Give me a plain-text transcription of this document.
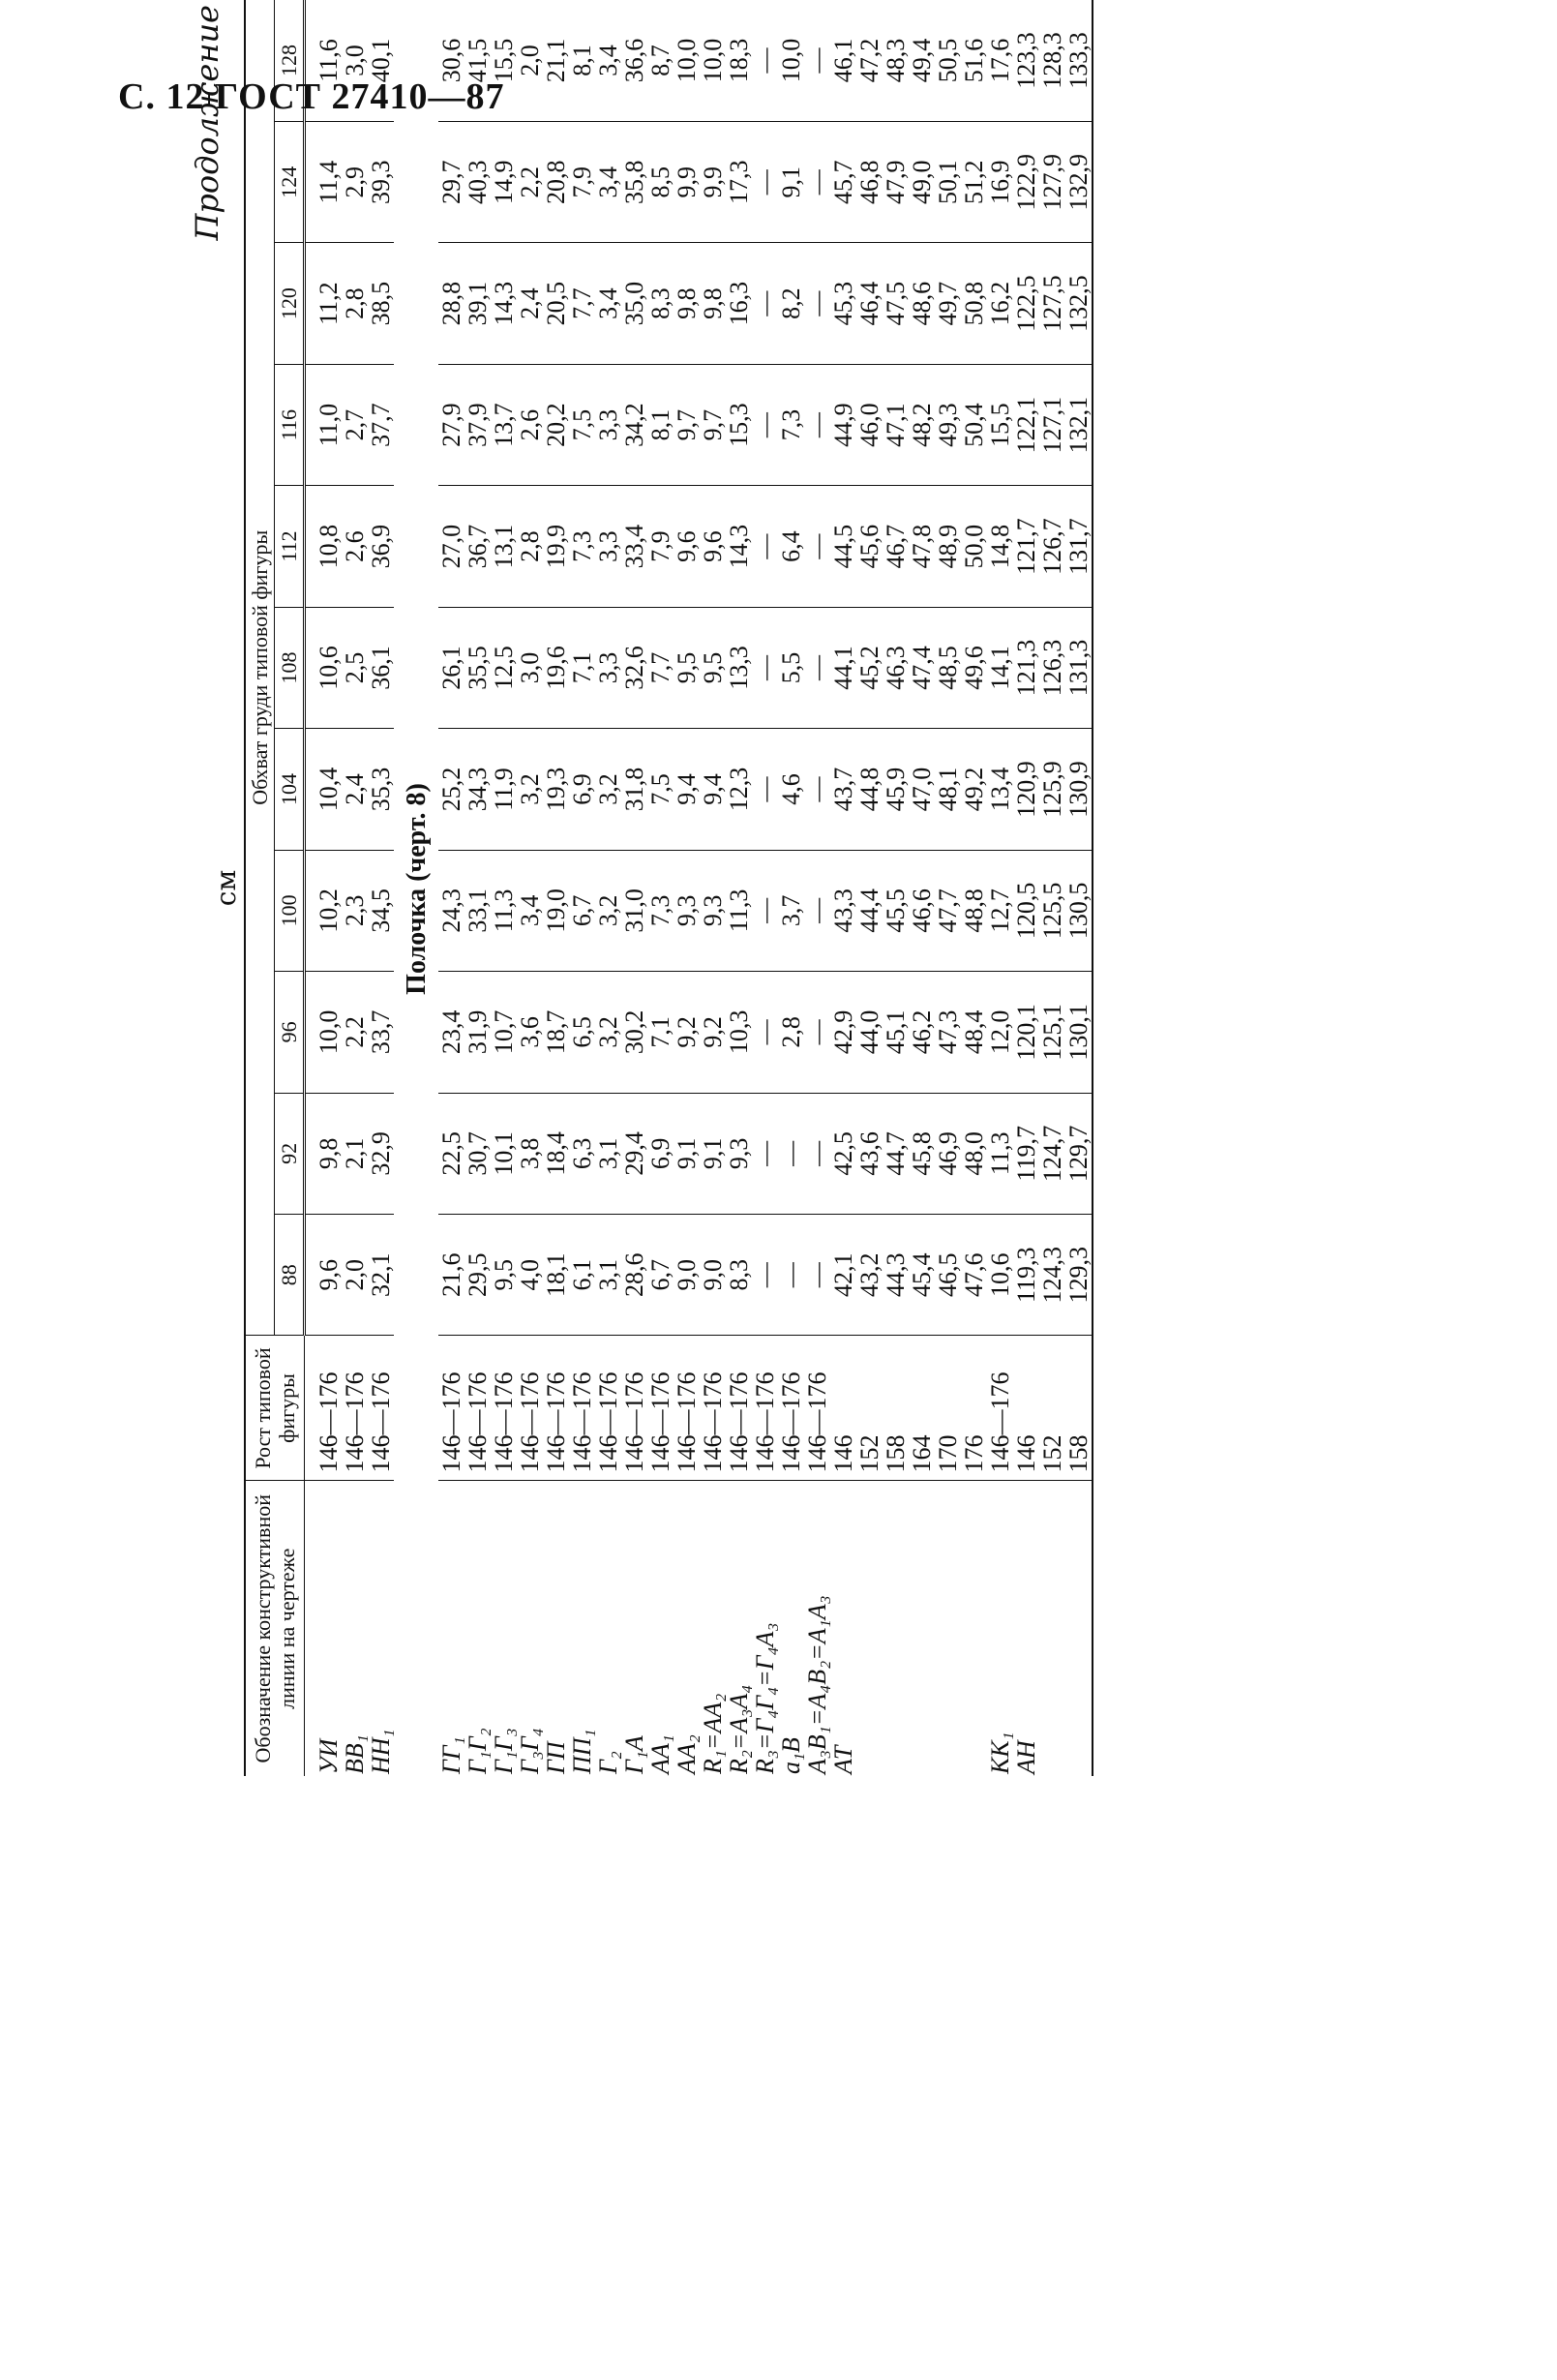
С. 12 ГОСТ 27410—87
Продолжение
см
Обозначение конструктивной линии на чертеже	Рост типовой фигуры	Обхват груди типовой фигуры										
		88	92	96	100	104	108	112	116	120	124	128

УИ	146—176	9,6	9,8	10,0	10,2	10,4	10,6	10,8	11,0	11,2	11,4	11,6
ВВ₁	146—176	2,0	2,1	2,2	2,3	2,4	2,5	2,6	2,7	2,8	2,9	3,0
НН₁	146—176	32,1	32,9	33,7	34,5	35,3	36,1	36,9	37,7	38,5	39,3	40,1
Полочка (черт. 8)												
ГГ₁	146—176	21,6	22,5	23,4	24,3	25,2	26,1	27,0	27,9	28,8	29,7	30,6
Г₁Г₂	146—176	29,5	30,7	31,9	33,1	34,3	35,5	36,7	37,9	39,1	40,3	41,5
Г₁Г₃	146—176	9,5	10,1	10,7	11,3	11,9	12,5	13,1	13,7	14,3	14,9	15,5
Г₃Г₄	146—176	4,0	3,8	3,6	3,4	3,2	3,0	2,8	2,6	2,4	2,2	2,0
ГП	146—176	18,1	18,4	18,7	19,0	19,3	19,6	19,9	20,2	20,5	20,8	21,1
ПП₁	146—176	6,1	6,3	6,5	6,7	6,9	7,1	7,3	7,5	7,7	7,9	8,1
Г₂	146—176	3,1	3,1	3,2	3,2	3,2	3,3	3,3	3,3	3,4	3,4	3,4
Г₁А	146—176	28,6	29,4	30,2	31,0	31,8	32,6	33,4	34,2	35,0	35,8	36,6
АА₁	146—176	6,7	6,9	7,1	7,3	7,5	7,7	7,9	8,1	8,3	8,5	8,7
АА₂	146—176	9,0	9,1	9,2	9,3	9,4	9,5	9,6	9,7	9,8	9,9	10,0
R₁=АА₂	146—176	9,0	9,1	9,2	9,3	9,4	9,5	9,6	9,7	9,8	9,9	10,0
R₂=А₃А₄	146—176	8,3	9,3	10,3	11,3	12,3	13,3	14,3	15,3	16,3	17,3	18,3
R₃=Г₄Г₄=Г₄А₃	146—176	—	—	—	—	—	—	—	—	—	—	—
а₁В	146—176	—	—	2,8	3,7	4,6	5,5	6,4	7,3	8,2	9,1	10,0
А₃В₁=А₄В₂=А₁А₃	146—176	—	—	—	—	—	—	—	—	—	—	—
АТ	146	42,1	42,5	42,9	43,3	43,7	44,1	44,5	44,9	45,3	45,7	46,1
	152	43,2	43,6	44,0	44,4	44,8	45,2	45,6	46,0	46,4	46,8	47,2
	158	44,3	44,7	45,1	45,5	45,9	46,3	46,7	47,1	47,5	47,9	48,3
	164	45,4	45,8	46,2	46,6	47,0	47,4	47,8	48,2	48,6	49,0	49,4
	170	46,5	46,9	47,3	47,7	48,1	48,5	48,9	49,3	49,7	50,1	50,5
	176	47,6	48,0	48,4	48,8	49,2	49,6	50,0	50,4	50,8	51,2	51,6
КК₁	146—176	10,6	11,3	12,0	12,7	13,4	14,1	14,8	15,5	16,2	16,9	17,6
АН	146	119,3	119,7	120,1	120,5	120,9	121,3	121,7	122,1	122,5	122,9	123,3
	152	124,3	124,7	125,1	125,5	125,9	126,3	126,7	127,1	127,5	127,9	128,3
	158	129,3	129,7	130,1	130,5	130,9	131,3	131,7	132,1	132,5	132,9	133,3
